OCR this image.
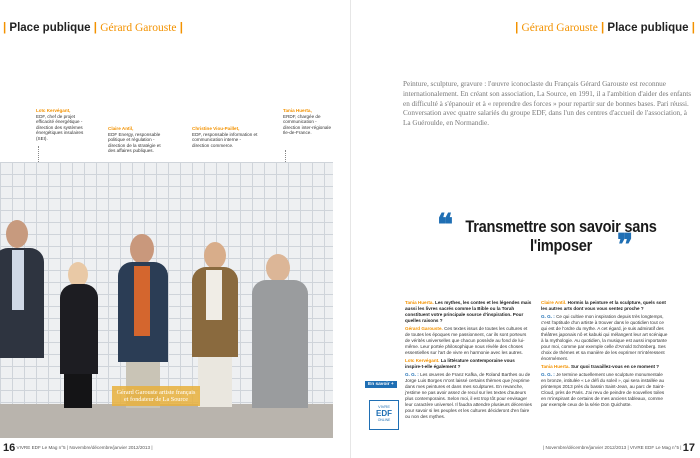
| Place publique | Gérard Garouste |
Loïc Kervégant,
EDF, chef de projet efficacité énergétique - direction des systèmes énergétiques insulaires (SEI).
Claire Antil,
EDF Energy, responsable politique et régulation - direction de la stratégie et des affaires publiques.
Christine Viou-Paillet,
EDF, responsable information et communication interne - direction commerce.
Tania Huerta,
ERDF, chargée de communication - direction inter-régionale Ile-de-France.
Gérard Garouste artiste français et fondateur de La Source
16 VIVRE EDF Le Mag n°5 | Novembre/décembre/janvier 2012/2013 |
| Gérard Garouste | Place publique |
Peinture, sculpture, gravure : l'œuvre iconoclaste du Français Gérard Garouste est reconnue internationalement. En créant son association, La Source, en 1991, il a l'ambition d'aider des enfants en difficulté à s'épanouir et à « reprendre des forces » pour repartir sur de bonnes bases. Pari réussi. Conversation avec quatre salariés du groupe EDF, dans l'un des centres d'accueil de l'association, à La Guéroulde, en Normandie.
❝ Transmettre son savoir sans l'imposer ❞

Tania Huerta. Les mythes, les contes et les légendes mais aussi les livres sacrés comme la Bible ou la Torah constituent votre principale source d'inspiration. Pour quelles raisons ?

Gérard Garouste. Ces textes issus de toutes les cultures et de toutes les époques me passionnent, car ils sont porteurs de vérités universelles que chacun possède au fond de lui-même. Leur portée philosophique nous révèle des choses essentielles sur l'art de vivre en harmonie avec les autres.

Loïc Kervégant. La littérature contemporaine vous inspire-t-elle également ?

G. G. : Les œuvres de Franz Kafka, de Roland Barthes ou de Jorge Luis Borges m'ont laissé certains thèmes que j'exprime dans mes peintures et dans mes sculptures. En revanche, j'estime ne pas avoir assez de recul sur les textes d'auteurs plus contemporains. Selon moi, il est trop tôt pour envisager leur caractère universel. Il faudra attendre plusieurs décennies pour savoir si les peuples et les cultures décideront d'en faire ou non des mythes.

Claire Antil. Hormis la peinture et la sculpture, quels sont les autres arts dont vous vous sentez proche ?

G. G. : Ce qui cultive mon inspiration depuis très longtemps, c'est l'aptitude d'un artiste à trouver dans le quotidien tout ce qui est de l'ordre du mythe. A cet égard, je suis admiratif des théâtres japonais nô et kabuki qui mélangent leur art scénique à la mythologie. Au quotidien, la musique est aussi importante pour moi, comme par exemple celle d'Arnold Schönberg. Ses choix de thèmes et sa manière de les exprimer m'intéressent énormément.

Tania Huerta. Sur quoi travaillez-vous en ce moment ?

G. G. : Je termine actuellement une sculpture monumentale en bronze, intitulée « Le défi du soleil », qui sera installée au printemps 2013 près du bassin Saint-Jean, au parc de Saint-Cloud, près de Paris. J'ai revu de peindre de nouvelles toiles en m'inspirant de certains de mes anciens tableaux, comme par exemple ceux de la série Don Quichotte.

En savoir +
VIVRE
EDF
ONLINE
| Novembre/décembre/janvier 2012/2013 | VIVRE EDF Le Mag n°5 | 17
